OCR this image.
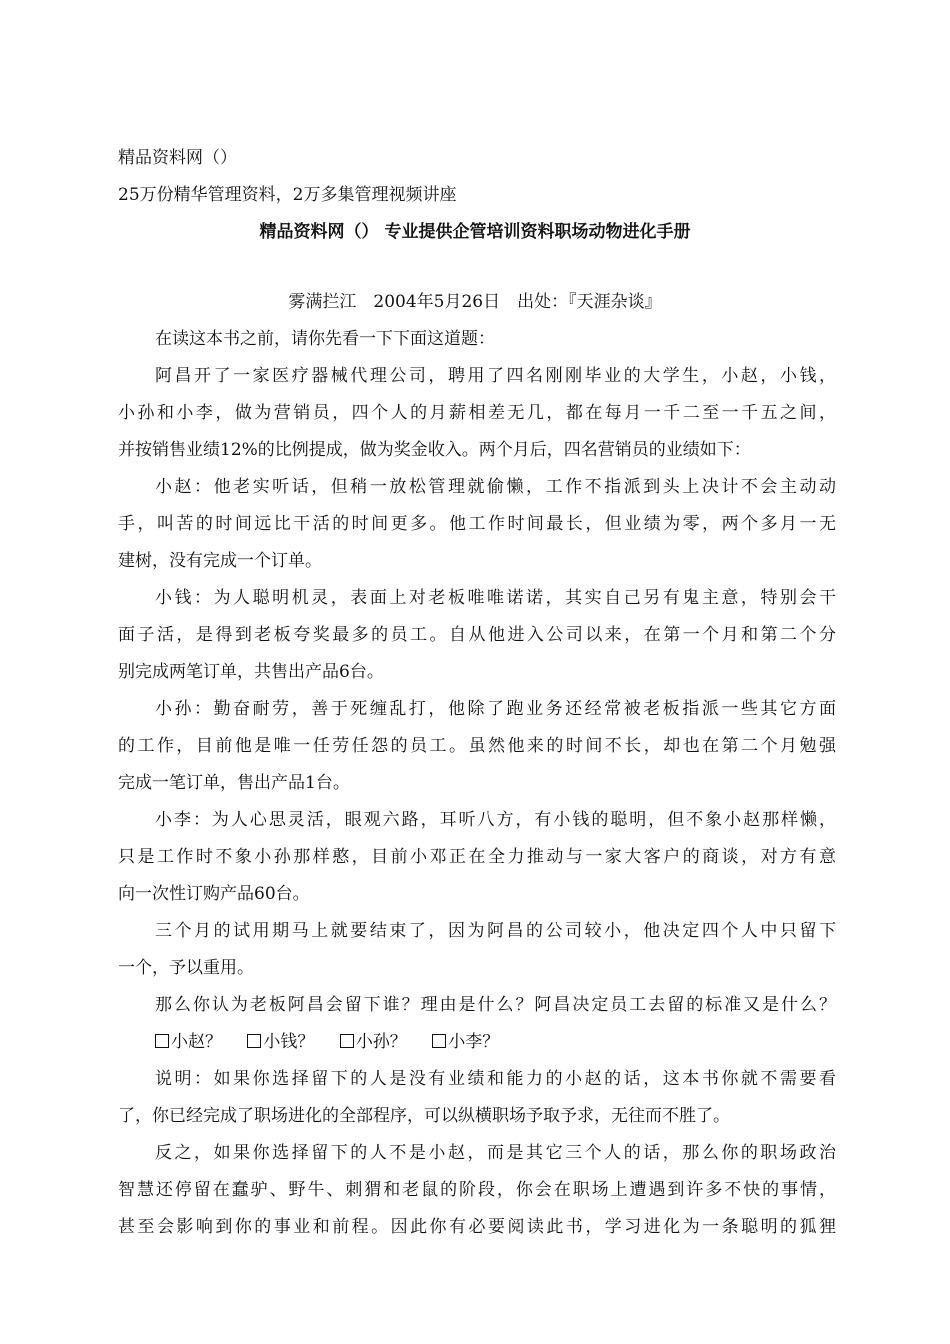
精品资料网（）
25万份精华管理资料，2万多集管理视频讲座
精品资料网（） 专业提供企管培训资料职场动物进化手册
雾满拦江　2004年5月26日　出处：『天涯杂谈』
在读这本书之前，请你先看一下下面这道题：
阿昌开了一家医疗器械代理公司，聘用了四名刚刚毕业的大学生，小赵，小钱，
小孙和小李，做为营销员，四个人的月薪相差无几，都在每月一千二至一千五之间，
并按销售业绩12%的比例提成，做为奖金收入。两个月后，四名营销员的业绩如下：
小赵：他老实听话，但稍一放松管理就偷懒，工作不指派到头上决计不会主动动
手，叫苦的时间远比干活的时间更多。他工作时间最长，但业绩为零，两个多月一无
建树，没有完成一个订单。
小钱：为人聪明机灵，表面上对老板唯唯诺诺，其实自己另有鬼主意，特别会干
面子活，是得到老板夸奖最多的员工。自从他进入公司以来，在第一个月和第二个分
别完成两笔订单，共售出产品6台。
小孙：勤奋耐劳，善于死缠乱打，他除了跑业务还经常被老板指派一些其它方面
的工作，目前他是唯一任劳任怨的员工。虽然他来的时间不长，却也在第二个月勉强
完成一笔订单，售出产品1台。
小李：为人心思灵活，眼观六路，耳听八方，有小钱的聪明，但不象小赵那样懒，
只是工作时不象小孙那样憨，目前小邓正在全力推动与一家大客户的商谈，对方有意
向一次性订购产品60台。
三个月的试用期马上就要结束了，因为阿昌的公司较小，他决定四个人中只留下
一个，予以重用。
那么你认为老板阿昌会留下谁？理由是什么？阿昌决定员工去留的标准又是什么？
小赵？ 小钱？ 小孙？ 小李？
说明：如果你选择留下的人是没有业绩和能力的小赵的话，这本书你就不需要看
了，你已经完成了职场进化的全部程序，可以纵横职场予取予求，无往而不胜了。
反之，如果你选择留下的人不是小赵，而是其它三个人的话，那么你的职场政治
智慧还停留在蠢驴、野牛、刺猬和老鼠的阶段，你会在职场上遭遇到许多不快的事情，
甚至会影响到你的事业和前程。因此你有必要阅读此书，学习进化为一条聪明的狐狸
